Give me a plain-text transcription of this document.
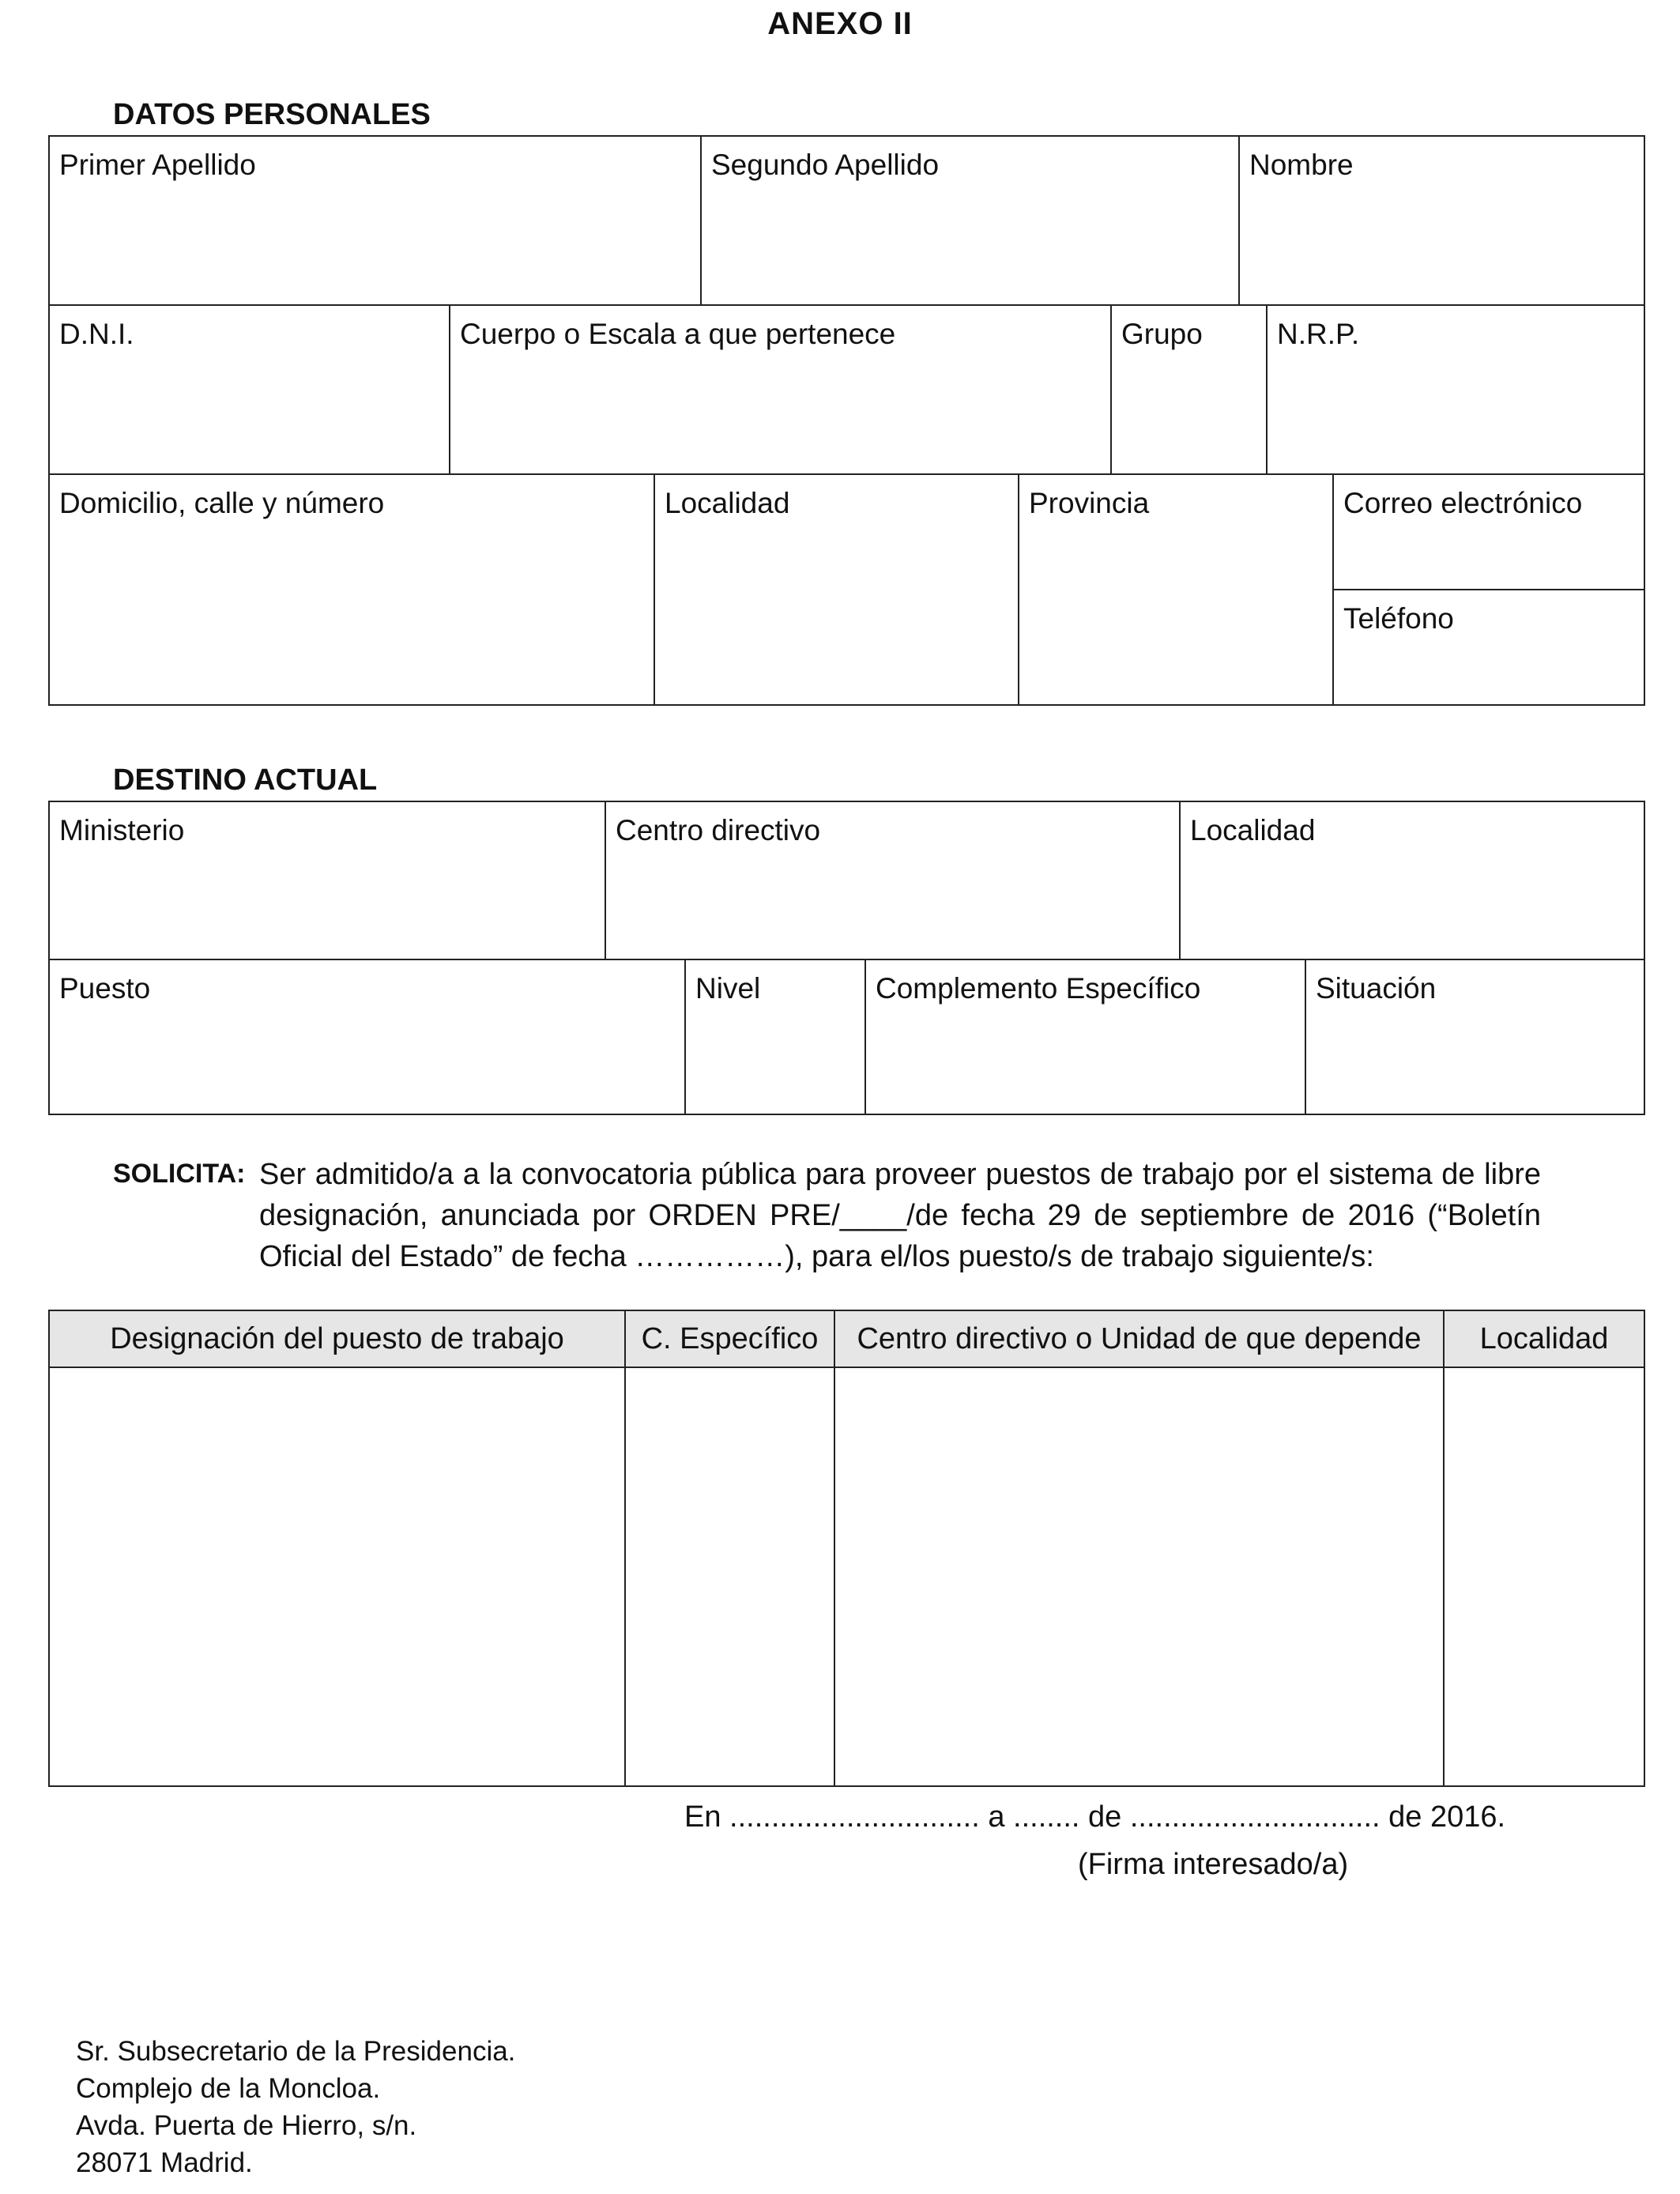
ANEXO II
DATOS PERSONALES
Primer Apellido	Segundo Apellido	Nombre
D.N.I.	Cuerpo o Escala a que pertenece	Grupo	N.R.P.
Domicilio, calle y número	Localidad	Provincia	Correo electrónico
Teléfono
DESTINO ACTUAL
Ministerio	Centro directivo	Localidad
Puesto	Nivel	Complemento Específico	Situación
SOLICITA: Ser admitido/a a la convocatoria pública para proveer puestos de trabajo por el sistema de libre designación, anunciada por ORDEN PRE/____/de fecha 29 de septiembre de 2016 (“Boletín Oficial del Estado” de fecha ……………), para el/los puesto/s de trabajo siguiente/s:
Designación del puesto de trabajo	C. Específico	Centro directivo o Unidad de que depende	Localidad
En .............................. a ........ de .............................. de 2016.
(Firma interesado/a)
Sr. Subsecretario de la Presidencia.
Complejo de la Moncloa.
Avda. Puerta de Hierro, s/n.
28071 Madrid.
